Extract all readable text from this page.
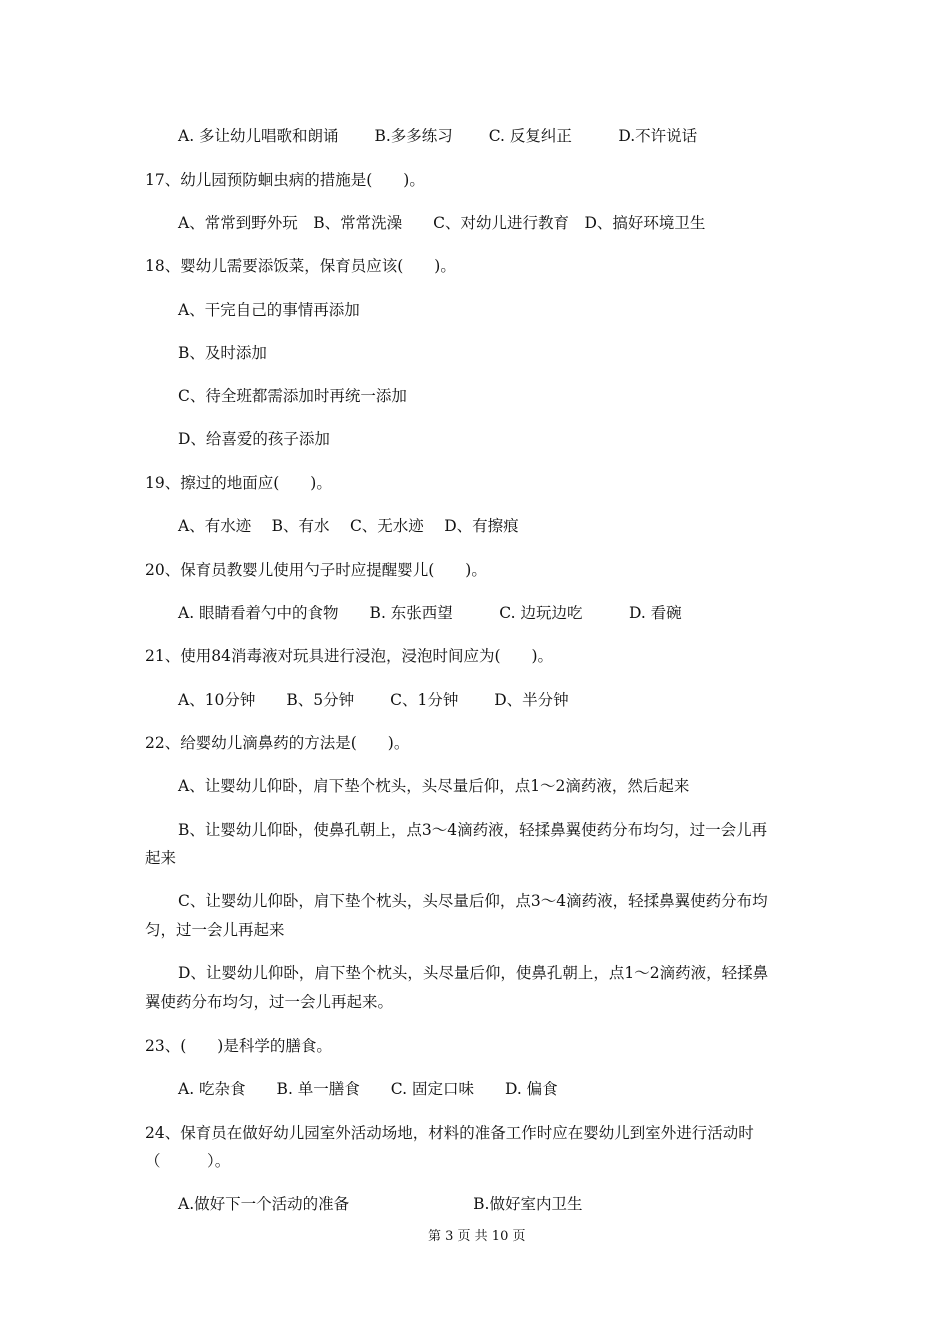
A. 多让幼儿唱歌和朗诵　　 B.多多练习　　 C. 反复纠正　　　D.不许说话
17、幼儿园预防蛔虫病的措施是(　　)。
A、常常到野外玩　B、常常洗澡　　C、对幼儿进行教育　D、搞好环境卫生
18、婴幼儿需要添饭菜，保育员应该(　　)。
A、干完自己的事情再添加
B、及时添加
C、待全班都需添加时再统一添加
D、给喜爱的孩子添加
19、擦过的地面应(　　)。
A、有水迹　 B、有水　 C、无水迹　 D、有擦痕
20、保育员教婴儿使用勺子时应提醒婴儿(　　)。
A. 眼睛看着勺中的食物　　B. 东张西望　　　C. 边玩边吃　　　D. 看碗
21、使用84消毒液对玩具进行浸泡，浸泡时间应为(　　)。
A、10分钟　　B、5分钟　　 C、1分钟　　 D、半分钟
22、给婴幼儿滴鼻药的方法是(　　)。
A、让婴幼儿仰卧，肩下垫个枕头，头尽量后仰，点1～2滴药液，然后起来
B、让婴幼儿仰卧，使鼻孔朝上，点3～4滴药液，轻揉鼻翼使药分布均匀，过一会儿再
起来
C、让婴幼儿仰卧，肩下垫个枕头，头尽量后仰，点3～4滴药液，轻揉鼻翼使药分布均
匀，过一会儿再起来
D、让婴幼儿仰卧，肩下垫个枕头，头尽量后仰，使鼻孔朝上，点1～2滴药液，轻揉鼻
翼使药分布均匀，过一会儿再起来。
23、(　　)是科学的膳食。
A. 吃杂食　　B. 单一膳食　　C. 固定口味　　D. 偏食
24、保育员在做好幼儿园室外活动场地，材料的准备工作时应在婴幼儿到室外进行活动时
（　　　）。
A.做好下一个活动的准备　　　　　　　　B.做好室内卫生
第 3 页 共 10 页
